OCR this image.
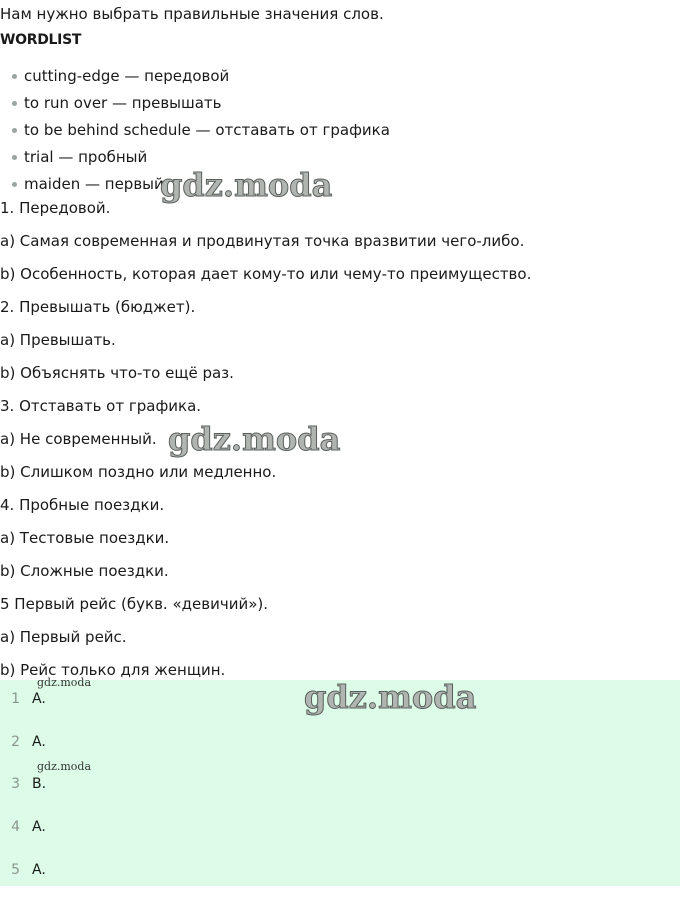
Нам нужно выбрать правильные значения слов.
WORDLIST
cutting-edge — передовой
to run over — превышать
to be behind schedule — отставать от графика
trial — пробный
maiden — первый
1. Передовой.
a) Самая современная и продвинутая точка вразвитии чего-либо.
b) Особенность, которая дает кому-то или чему-то преимущество.
2. Превышать (бюджет).
a) Превышать.
b) Объяснять что-то ещё раз.
3. Отставать от графика.
a) Не современный.
b) Слишком поздно или медленно.
4. Пробные поездки.
a) Тестовые поездки.
b) Сложные поездки.
5 Первый рейс (букв. «девичий»).
a) Первый рейс.
b) Рейс только для женщин.
1 A.
2 A.
3 B.
4 A.
5 A.
gdz.moda
gdz.moda
gdz.moda
gdz.moda
gdz.moda
